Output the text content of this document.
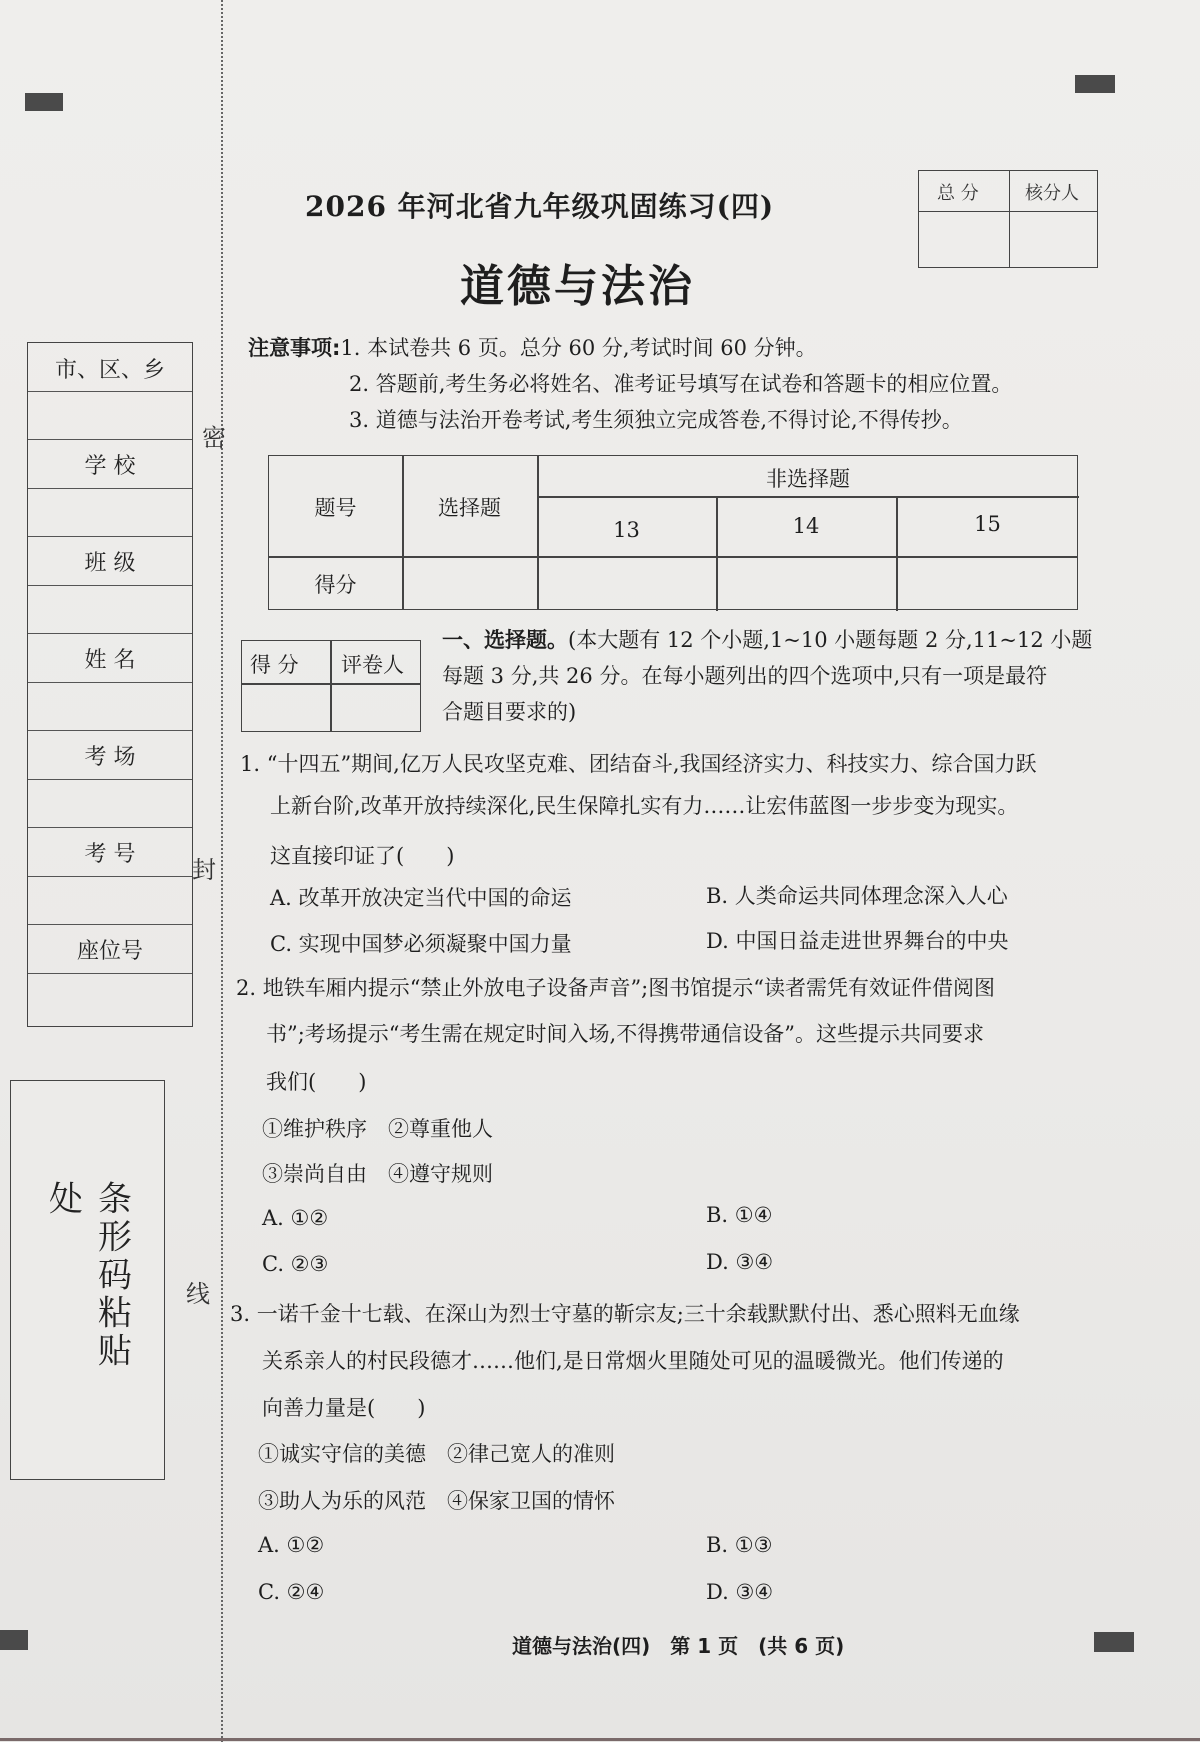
密
封
线
市、区、乡
学 校
班 级
姓 名
考 场
考 号
座位号
条形码粘贴处
2026 年河北省九年级巩固练习(四)
道德与法治
总 分	核分人
注意事项:1. 本试卷共 6 页。总分 60 分,考试时间 60 分钟。
2. 答题前,考生务必将姓名、准考证号填写在试卷和答题卡的相应位置。
3. 道德与法治开卷考试,考生须独立完成答卷,不得讨论,不得传抄。
题号	选择题
非选择题
13	14	15
得分
得 分 评卷人
一、选择题。(本大题有 12 个小题,1~10 小题每题 2 分,11~12 小题
每题 3 分,共 26 分。在每小题列出的四个选项中,只有一项是最符
合题目要求的)
1. “十四五”期间,亿万人民攻坚克难、团结奋斗,我国经济实力、科技实力、综合国力跃
上新台阶,改革开放持续深化,民生保障扎实有力……让宏伟蓝图一步步变为现实。
这直接印证了(　　)
A. 改革开放决定当代中国的命运	B. 人类命运共同体理念深入人心
C. 实现中国梦必须凝聚中国力量	D. 中国日益走进世界舞台的中央
2. 地铁车厢内提示“禁止外放电子设备声音”;图书馆提示“读者需凭有效证件借阅图
书”;考场提示“考生需在规定时间入场,不得携带通信设备”。这些提示共同要求
我们(　　)
①维护秩序　②尊重他人
③崇尚自由　④遵守规则
A. ①②	B. ①④
C. ②③	D. ③④
3. 一诺千金十七载、在深山为烈士守墓的靳宗友;三十余载默默付出、悉心照料无血缘
关系亲人的村民段德才……他们,是日常烟火里随处可见的温暖微光。他们传递的
向善力量是(　　)
①诚实守信的美德　②律己宽人的准则
③助人为乐的风范　④保家卫国的情怀
A. ①②	B. ①③
C. ②④	D. ③④
道德与法治(四)　第 1 页　(共 6 页)
